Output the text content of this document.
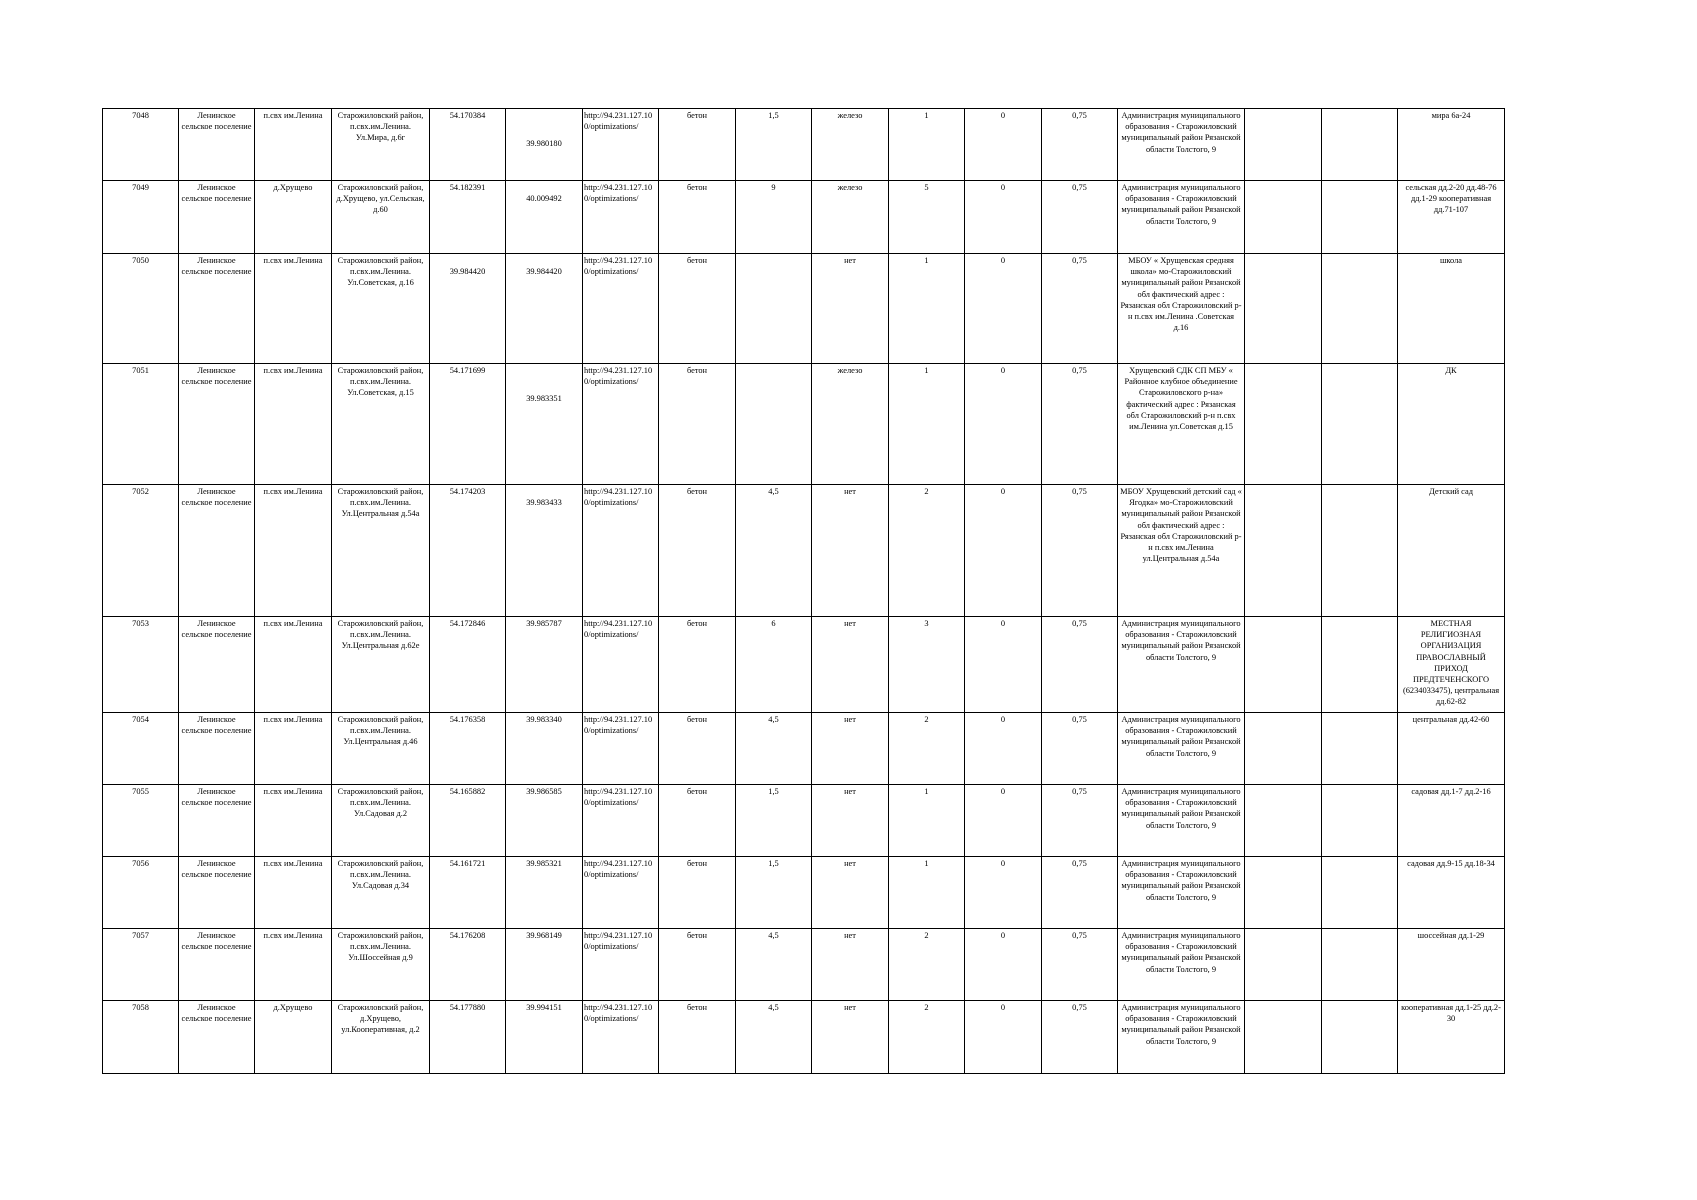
7048	Ленинское сельское поселение	п.свх им.Ленина	Старожиловский район, п.свх.им.Ленина. Ул.Мира, д.6г	54.170384	39.980180	http://94.231.127.100/optimizations/	бетон	1,5	железо	1	0	0,75	Администрация муниципального образования - Старожиловский муниципальный район Рязанской области Толстого, 9			мира 6а-24
7049	Ленинское сельское поселение	д.Хрущево	Старожиловский район, д.Хрущево, ул.Сельская, д.60	54.182391	40.009492	http://94.231.127.100/optimizations/	бетон	9	железо	5	0	0,75	Администрация муниципального образования - Старожиловский муниципальный район Рязанской области Толстого, 9			сельская дд.2-20 дд.48-76 дд.1-29 кооперативная дд.71-107
7050	Ленинское сельское поселение	п.свх им.Ленина	Старожиловский район, п.свх.им.Ленина. Ул.Советская, д.16	39.984420	39.984420	http://94.231.127.100/optimizations/	бетон		нет	1	0	0,75	МБОУ « Хрущевская средняя школа» мо-Старожиловский муниципальный район Рязанской обл фактический адрес : Рязанская обл Старожиловский р-н п.свх им.Ленина .Советская д.16			школа
7051	Ленинское сельское поселение	п.свх им.Ленина	Старожиловский район, п.свх.им.Ленина. Ул.Советская, д.15	54.171699	39.983351	http://94.231.127.100/optimizations/	бетон		железо	1	0	0,75	Хрущевский СДК СП МБУ « Районное клубное объединение Старожиловского р-на» фактический адрес : Рязанская обл Старожиловский р-н п.свх им.Ленина ул.Советская д.15			ДК
7052	Ленинское сельское поселение	п.свх им.Ленина	Старожиловский район, п.свх.им.Ленина. Ул.Центральная д.54а	54.174203	39.983433	http://94.231.127.100/optimizations/	бетон	4,5	нет	2	0	0,75	МБОУ Хрущевский детский сад « Ягодка» мо-Старожиловский муниципальный район Рязанской обл фактический адрес : Рязанская обл Старожиловский р-н п.свх им.Ленина ул.Центральная д.54а			Детский сад
7053	Ленинское сельское поселение	п.свх им.Ленина	Старожиловский район, п.свх.им.Ленина. Ул.Центральная д.62е	54.172846	39.985787	http://94.231.127.100/optimizations/	бетон	6	нет	3	0	0,75	Администрация муниципального образования - Старожиловский муниципальный район Рязанской области Толстого, 9			МЕСТНАЯ РЕЛИГИОЗНАЯ ОРГАНИЗАЦИЯ ПРАВОСЛАВНЫЙ ПРИХОД ПРЕДТЕЧЕНСКОГО (6234033475), центральная дд.62-82
7054	Ленинское сельское поселение	п.свх им.Ленина	Старожиловский район, п.свх.им.Ленина. Ул.Центральная д.46	54.176358	39.983340	http://94.231.127.100/optimizations/	бетон	4,5	нет	2	0	0,75	Администрация муниципального образования - Старожиловский муниципальный район Рязанской области Толстого, 9			центральная дд.42-60
7055	Ленинское сельское поселение	п.свх им.Ленина	Старожиловский район, п.свх.им.Ленина. Ул.Садовая д.2	54.165882	39.986585	http://94.231.127.100/optimizations/	бетон	1,5	нет	1	0	0,75	Администрация муниципального образования - Старожиловский муниципальный район Рязанской области Толстого, 9			садовая дд.1-7 дд.2-16
7056	Ленинское сельское поселение	п.свх им.Ленина	Старожиловский район, п.свх.им.Ленина. Ул.Садовая д.34	54.161721	39.985321	http://94.231.127.100/optimizations/	бетон	1,5	нет	1	0	0,75	Администрация муниципального образования - Старожиловский муниципальный район Рязанской области Толстого, 9			садовая дд.9-15 дд.18-34
7057	Ленинское сельское поселение	п.свх им.Ленина	Старожиловский район, п.свх.им.Ленина. Ул.Шоссейная д.9	54.176208	39.968149	http://94.231.127.100/optimizations/	бетон	4,5	нет	2	0	0,75	Администрация муниципального образования - Старожиловский муниципальный район Рязанской области Толстого, 9			шоссейная дд.1-29
7058	Ленинское сельское поселение	д.Хрущево	Старожиловский район, д.Хрущево, ул.Кооперативная, д.2	54.177880	39.994151	http://94.231.127.100/optimizations/	бетон	4,5	нет	2	0	0,75	Администрация муниципального образования - Старожиловский муниципальный район Рязанской области Толстого, 9			кооперативная дд.1-25 дд.2-30
